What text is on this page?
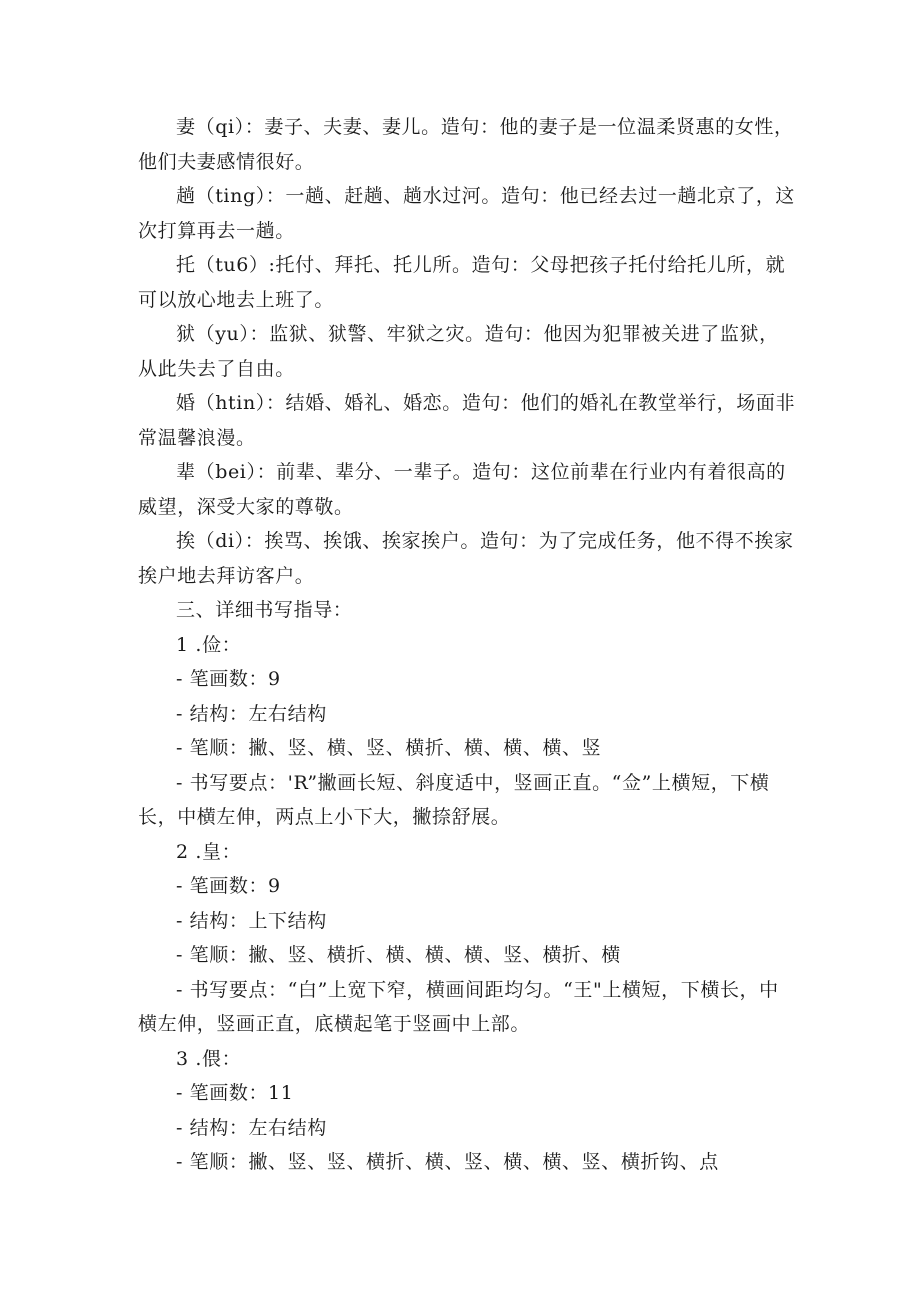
妻（qi）：妻子、夫妻、妻儿。造句：他的妻子是一位温柔贤惠的女性，他们夫妻感情很好。

趟（ting）：一趟、赶趟、趟水过河。造句：他已经去过一趟北京了，这次打算再去一趟。

托（tu6）:托付、拜托、托儿所。造句：父母把孩子托付给托儿所，就可以放心地去上班了。

狱（yu）：监狱、狱警、牢狱之灾。造句：他因为犯罪被关进了监狱，从此失去了自由。

婚（htin）：结婚、婚礼、婚恋。造句：他们的婚礼在教堂举行，场面非常温馨浪漫。

辈（bei）：前辈、辈分、一辈子。造句：这位前辈在行业内有着很高的威望，深受大家的尊敬。

挨（di）：挨骂、挨饿、挨家挨户。造句：为了完成任务，他不得不挨家挨户地去拜访客户。

三、详细书写指导：

1 .俭：

- 笔画数：9

- 结构：左右结构

- 笔顺：撇、竖、横、竖、横折、横、横、横、竖

- 书写要点：'R”撇画长短、斜度适中，竖画正直。“佥”上横短，下横长，中横左伸，两点上小下大，撇捺舒展。

2 .皇：

- 笔画数：9

- 结构：上下结构

- 笔顺：撇、竖、横折、横、横、横、竖、横折、横

- 书写要点：“白”上宽下窄，横画间距均匀。“王"上横短，下横长，中横左伸，竖画正直，底横起笔于竖画中上部。

3 .偎：

- 笔画数：11

- 结构：左右结构

- 笔顺：撇、竖、竖、横折、横、竖、横、横、竖、横折钩、点
